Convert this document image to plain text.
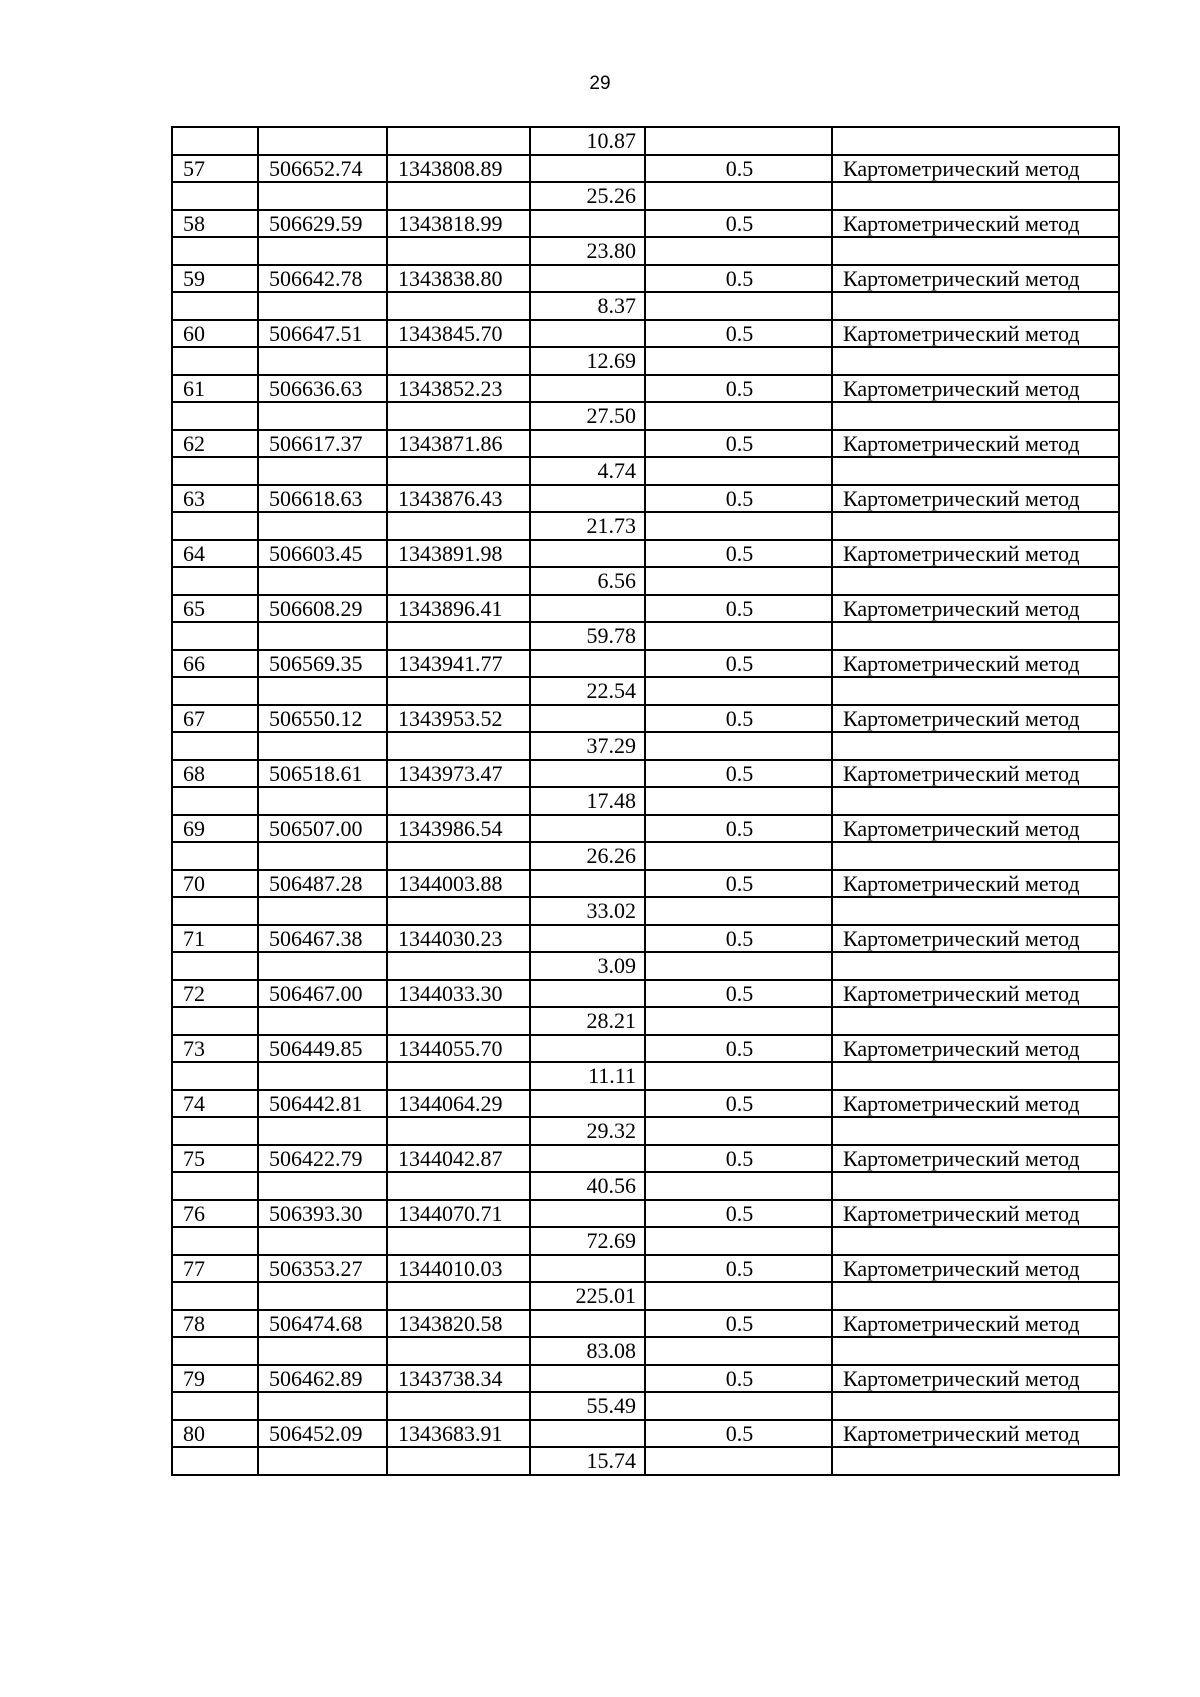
29
			10.87		
57	506652.74	1343808.89		0.5	Картометрический метод
			25.26		
58	506629.59	1343818.99		0.5	Картометрический метод
			23.80		
59	506642.78	1343838.80		0.5	Картометрический метод
			8.37		
60	506647.51	1343845.70		0.5	Картометрический метод
			12.69		
61	506636.63	1343852.23		0.5	Картометрический метод
			27.50		
62	506617.37	1343871.86		0.5	Картометрический метод
			4.74		
63	506618.63	1343876.43		0.5	Картометрический метод
			21.73		
64	506603.45	1343891.98		0.5	Картометрический метод
			6.56		
65	506608.29	1343896.41		0.5	Картометрический метод
			59.78		
66	506569.35	1343941.77		0.5	Картометрический метод
			22.54		
67	506550.12	1343953.52		0.5	Картометрический метод
			37.29		
68	506518.61	1343973.47		0.5	Картометрический метод
			17.48		
69	506507.00	1343986.54		0.5	Картометрический метод
			26.26		
70	506487.28	1344003.88		0.5	Картометрический метод
			33.02		
71	506467.38	1344030.23		0.5	Картометрический метод
			3.09		
72	506467.00	1344033.30		0.5	Картометрический метод
			28.21		
73	506449.85	1344055.70		0.5	Картометрический метод
			11.11		
74	506442.81	1344064.29		0.5	Картометрический метод
			29.32		
75	506422.79	1344042.87		0.5	Картометрический метод
			40.56		
76	506393.30	1344070.71		0.5	Картометрический метод
			72.69		
77	506353.27	1344010.03		0.5	Картометрический метод
			225.01		
78	506474.68	1343820.58		0.5	Картометрический метод
			83.08		
79	506462.89	1343738.34		0.5	Картометрический метод
			55.49		
80	506452.09	1343683.91		0.5	Картометрический метод
			15.74		
